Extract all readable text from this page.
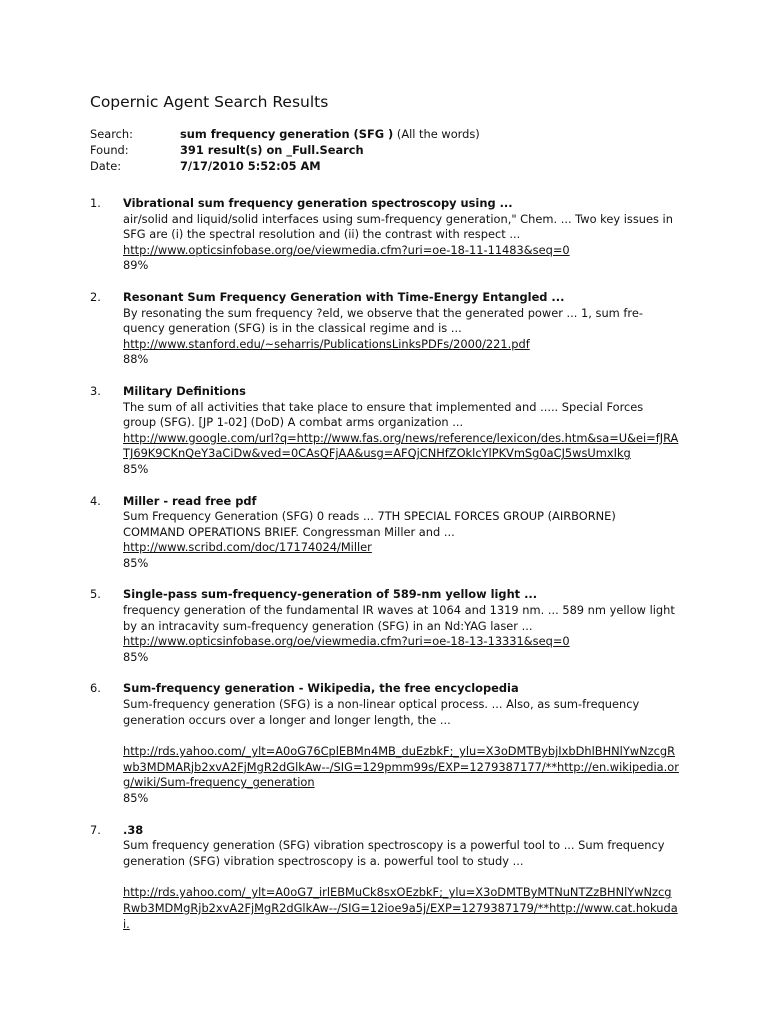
Copernic Agent Search Results
Search:	sum frequency generation (SFG ) (All the words)
Found:	391 result(s) on _Full.Search
Date:	7/17/2010 5:52:05 AM
1.	Vibrational sum frequency generation spectroscopy using ...
air/solid and liquid/solid interfaces using sum-frequency generation," Chem. ... Two key issues in SFG are (i) the spectral resolution and (ii) the contrast with respect ...
http://www.opticsinfobase.org/oe/viewmedia.cfm?uri=oe-18-11-11483&seq=0
89%
2.	Resonant Sum Frequency Generation with Time-Energy Entangled ...
By resonating the sum frequency ?eld, we observe that the generated power ... 1, sum fre- quency generation (SFG) is in the classical regime and is ...
http://www.stanford.edu/~seharris/PublicationsLinksPDFs/2000/221.pdf
88%
3.	Military Definitions
The sum of all activities that take place to ensure that implemented and ..... Special Forces group (SFG). [JP 1-02] (DoD) A combat arms organization ...
http://www.google.com/url?q=http://www.fas.org/news/reference/lexicon/des.htm&sa=U&ei=fJRATJ69K9CKnQeY3aCiDw&ved=0CAsQFjAA&usg=AFQjCNHfZOklcYlPKVmSg0aCJ5wsUmxIkg
85%
4.	Miller - read free pdf
Sum Frequency Generation (SFG) 0 reads ... 7TH SPECIAL FORCES GROUP (AIRBORNE) COMMAND OPERATIONS BRIEF. Congressman Miller and ...
http://www.scribd.com/doc/17174024/Miller
85%
5.	Single-pass sum-frequency-generation of 589-nm yellow light ...
frequency generation of the fundamental IR waves at 1064 and 1319 nm. ... 589 nm yellow light by an intracavity sum-frequency generation (SFG) in an Nd:YAG laser ...
http://www.opticsinfobase.org/oe/viewmedia.cfm?uri=oe-18-13-13331&seq=0
85%
6.	Sum-frequency generation - Wikipedia, the free encyclopedia
Sum-frequency generation (SFG) is a non-linear optical process. ... Also, as sum-frequency generation occurs over a longer and longer length, the ...
http://rds.yahoo.com/_ylt=A0oG76CplEBMn4MB_duEzbkF;_ylu=X3oDMTBybjIxbDhlBHNlYwNzcgRwb3MDMARjb2xvA2FjMgR2dGlkAw--/SIG=129pmm99s/EXP=1279387177/**http://en.wikipedia.org/wiki/Sum-frequency_generation
85%
7.	.38
Sum frequency generation (SFG) vibration spectroscopy is a powerful tool to ... Sum frequency generation (SFG) vibration spectroscopy is a. powerful tool to study ...
http://rds.yahoo.com/_ylt=A0oG7_irlEBMuCk8sxOEzbkF;_ylu=X3oDMTByMTNuNTZzBHNlYwNzcgRwb3MDMgRjb2xvA2FjMgR2dGlkAw--/SIG=12ioe9a5j/EXP=1279387179/**http://www.cat.hokudai.
